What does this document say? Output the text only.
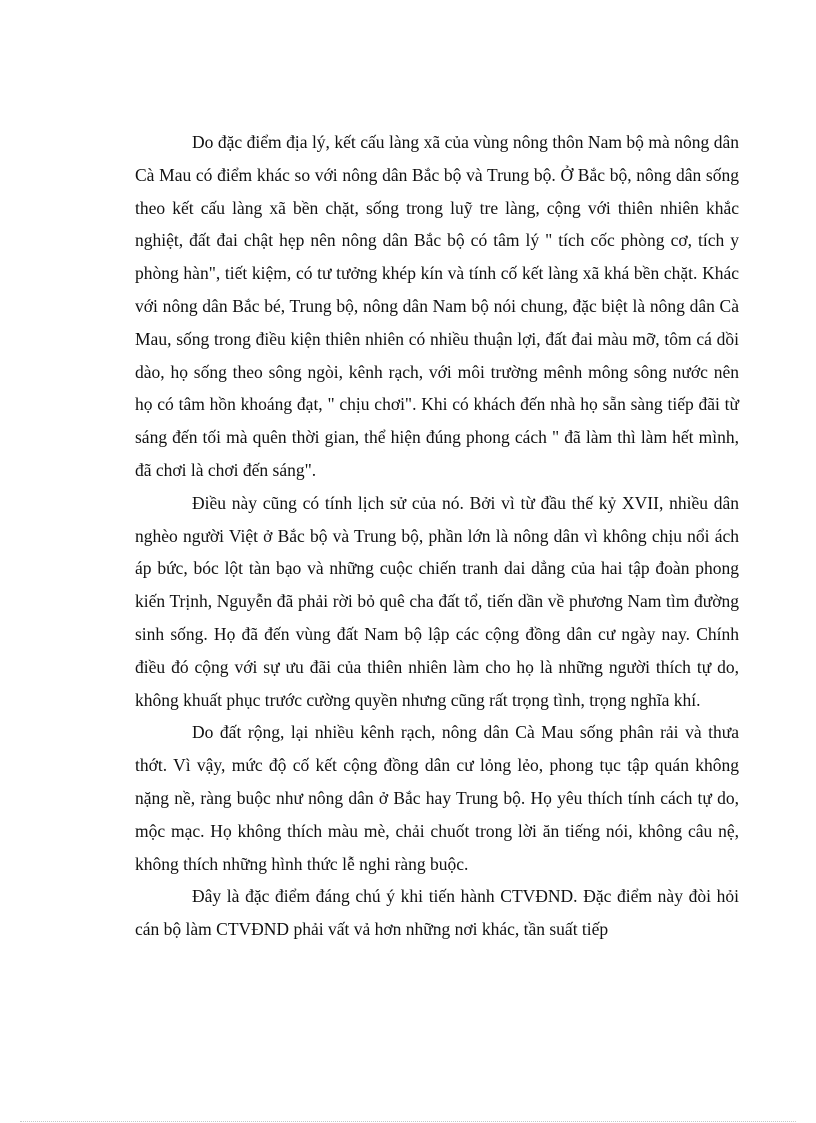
Do đặc điểm địa lý, kết cấu làng xã của vùng nông thôn Nam bộ mà nông dân Cà Mau có điểm khác so với nông dân Bắc bộ và Trung bộ. Ở Bắc bộ, nông dân sống theo kết cấu làng xã bền chặt, sống trong luỹ tre làng, cộng với thiên nhiên khắc nghiệt, đất đai chật hẹp nên nông dân Bắc bộ có tâm lý " tích cốc phòng cơ, tích y phòng hàn", tiết kiệm, có tư tưởng khép kín và tính cố kết làng xã khá bền chặt. Khác với nông dân Bắc bé, Trung bộ, nông dân Nam bộ nói chung, đặc biệt là nông dân Cà Mau, sống trong điều kiện thiên nhiên có nhiều thuận lợi, đất đai màu mỡ, tôm cá dồi dào, họ sống theo sông ngòi, kênh rạch, với môi trường mênh mông sông nước nên họ có tâm hồn khoáng đạt, " chịu chơi". Khi có khách đến nhà họ sẵn sàng tiếp đãi từ sáng đến tối mà quên thời gian, thể hiện đúng phong cách " đã làm thì làm hết mình, đã chơi là chơi đến sáng".

Điều này cũng có tính lịch sử của nó. Bởi vì từ đầu thế kỷ XVII, nhiều dân nghèo người Việt ở Bắc bộ và Trung bộ, phần lớn là nông dân vì không chịu nổi ách áp bức, bóc lột tàn bạo và những cuộc chiến tranh dai dẳng của hai tập đoàn phong kiến Trịnh, Nguyễn đã phải rời bỏ quê cha đất tổ, tiến dần về phương Nam tìm đường sinh sống. Họ đã đến vùng đất Nam bộ lập các cộng đồng dân cư ngày nay. Chính điều đó cộng với sự ưu đãi của thiên nhiên làm cho họ là những người thích tự do, không khuất phục trước cường quyền nhưng cũng rất trọng tình, trọng nghĩa khí.

Do đất rộng, lại nhiều kênh rạch, nông dân Cà Mau sống phân rải và thưa thớt. Vì vậy, mức độ cố kết cộng đồng dân cư lỏng lẻo, phong tục tập quán không nặng nề, ràng buộc như nông dân ở Bắc hay Trung bộ. Họ yêu thích tính cách tự do, mộc mạc. Họ không thích màu mè, chải chuốt trong lời ăn tiếng nói, không câu nệ, không thích những hình thức lễ nghi ràng buộc.

Đây là đặc điểm đáng chú ý khi tiến hành CTVĐND. Đặc điểm này đòi hỏi cán bộ làm CTVĐND phải vất vả hơn những nơi khác, tần suất tiếp
